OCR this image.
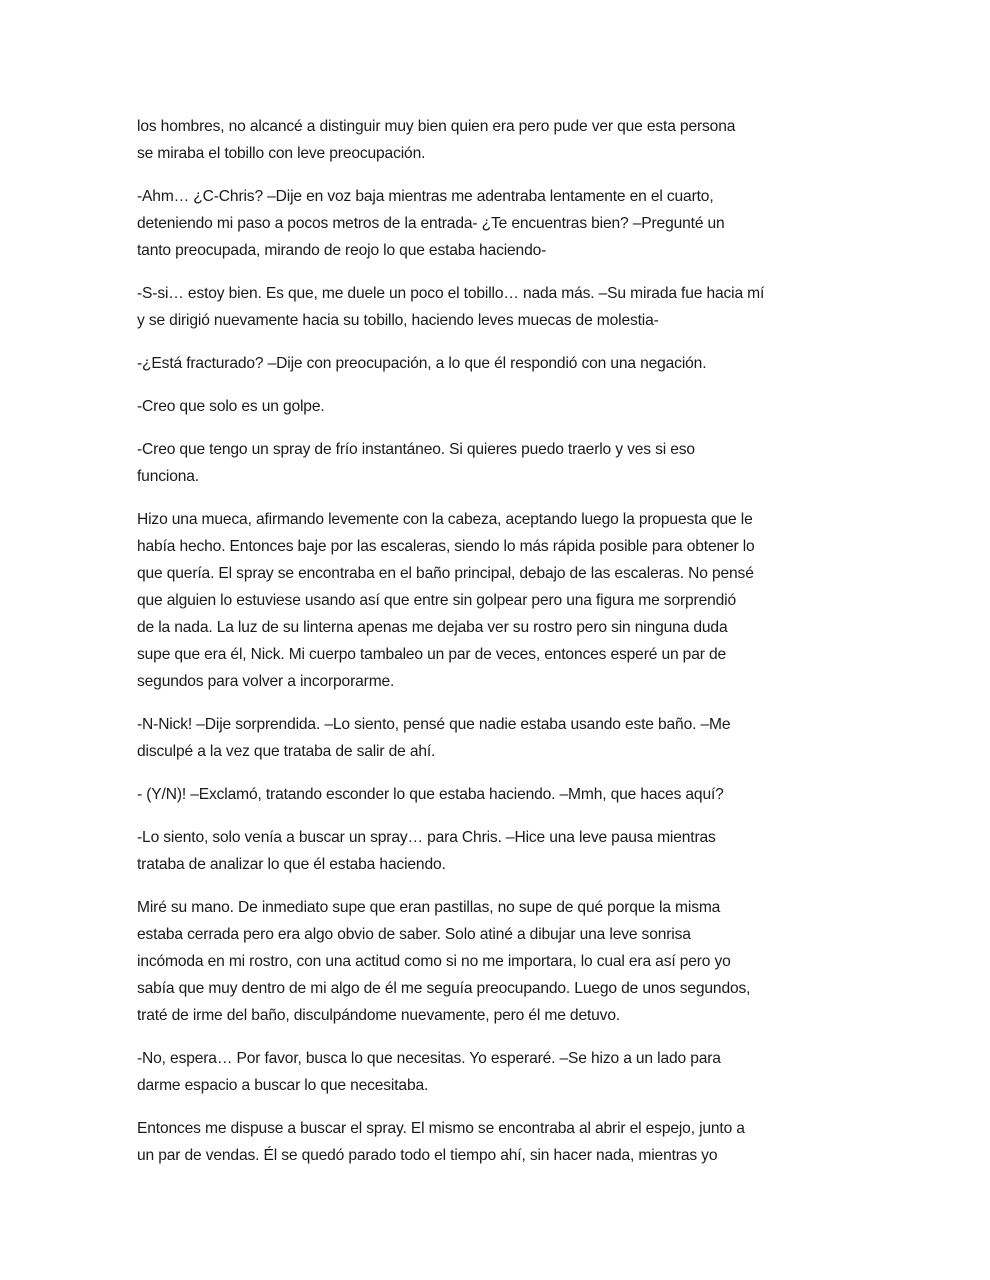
los hombres, no alcancé a distinguir muy bien quien era pero pude ver que esta persona
se miraba el tobillo con leve preocupación.

-Ahm… ¿C-Chris? –Dije en voz baja mientras me adentraba lentamente en el cuarto,
deteniendo mi paso a pocos metros de la entrada- ¿Te encuentras bien? –Pregunté un
tanto preocupada, mirando de reojo lo que estaba haciendo-

-S-si… estoy bien. Es que, me duele un poco el tobillo… nada más. –Su mirada fue hacia mí
y se dirigió nuevamente hacia su tobillo, haciendo leves muecas de molestia-

-¿Está fracturado? –Dije con preocupación, a lo que él respondió con una negación.

-Creo que solo es un golpe.

-Creo que tengo un spray de frío instantáneo. Si quieres puedo traerlo y ves si eso
funciona.

Hizo una mueca, afirmando levemente con la cabeza, aceptando luego la propuesta que le
había hecho. Entonces baje por las escaleras, siendo lo más rápida posible para obtener lo
que quería. El spray se encontraba en el baño principal, debajo de las escaleras. No pensé
que alguien lo estuviese usando así que entre sin golpear pero una figura me sorprendió
de la nada. La luz de su linterna apenas me dejaba ver su rostro pero sin ninguna duda
supe que era él, Nick. Mi cuerpo tambaleo un par de veces, entonces esperé un par de
segundos para volver a incorporarme.

-N-Nick! –Dije sorprendida. –Lo siento, pensé que nadie estaba usando este baño. –Me
disculpé a la vez que trataba de salir de ahí.

- (Y/N)! –Exclamó, tratando esconder lo que estaba haciendo. –Mmh, que haces aquí?

-Lo siento, solo venía a buscar un spray… para Chris. –Hice una leve pausa mientras
trataba de analizar lo que él estaba haciendo.

Miré su mano. De inmediato supe que eran pastillas, no supe de qué porque la misma
estaba cerrada pero era algo obvio de saber. Solo atiné a dibujar una leve sonrisa
incómoda en mi rostro, con una actitud como si no me importara, lo cual era así pero yo
sabía que muy dentro de mi algo de él me seguía preocupando. Luego de unos segundos,
traté de irme del baño, disculpándome nuevamente, pero él me detuvo.

-No, espera… Por favor, busca lo que necesitas. Yo esperaré. –Se hizo a un lado para
darme espacio a buscar lo que necesitaba.

Entonces me dispuse a buscar el spray. El mismo se encontraba al abrir el espejo, junto a
un par de vendas. Él se quedó parado todo el tiempo ahí, sin hacer nada, mientras yo
